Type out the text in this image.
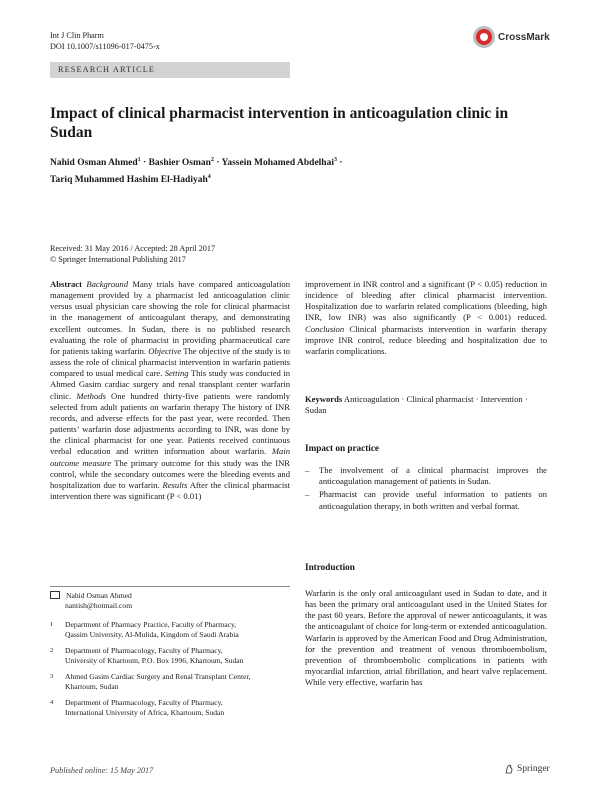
Int J Clin Pharm
DOI 10.1007/s11096-017-0475-x
CrossMark
RESEARCH ARTICLE
Impact of clinical pharmacist intervention in anticoagulation clinic in Sudan
Nahid Osman Ahmed$^1$ · Bashier Osman$^2$ · Yassein Mohamed Abdelhai$^3$ ·
Tariq Muhammed Hashim El-Hadiyah$^4$
Received: 31 May 2016 / Accepted: 28 April 2017
© Springer International Publishing 2017
Abstract Background Many trials have compared anticoagulation management provided by a pharmacist led anticoagulation clinic versus usual physician care showing the role for clinical pharmacist in the management of anticoagulant therapy, and demonstrating excellent outcomes. In Sudan, there is no published research evaluating the role of pharmacist in providing pharmaceutical care for patients taking warfarin. Objective The objective of the study is to assess the role of clinical pharmacist intervention in warfarin patients compared to usual medical care. Setting This study was conducted in Ahmed Gasim cardiac surgery and renal transplant center warfarin clinic. Methods One hundred thirty-five patients were randomly selected from adult patients on warfarin therapy The history of INR records, and adverse effects for the past year, were recorded. Then patients’ warfarin dose adjustments according to INR, was done by the clinical pharmacist for one year. Patients received continuous verbal education and written information about warfarin. Main outcome measure The primary outcome for this study was the INR control, while the secondary outcomes were the bleeding events and hospitalization due to warfarin. Results After the clinical pharmacist intervention there was significant (P < 0.01)
improvement in INR control and a significant (P < 0.05) reduction in incidence of bleeding after clinical pharmacist intervention. Hospitalization due to warfarin related complications (bleeding, high INR, low INR) was also significantly (P < 0.001) reduced. Conclusion Clinical pharmacists intervention in warfarin therapy improve INR control, reduce bleeding and hospitalization due to warfarin complications.
Keywords Anticoagulation · Clinical pharmacist · Intervention · Sudan
Impact on practice
–	The involvement of a clinical pharmacist improves the anticoagulation management of patients in Sudan.
–	Pharmacist can provide useful information to patients on anticoagulation therapy, in both written and verbal format.
Introduction
Warfarin is the only oral anticoagulant used in Sudan to date, and it has been the primary oral anticoagulant used in the United States for the past 60 years. Before the approval of newer anticoagulants, it was the anticoagulant of choice for long-term or extended anticoagulation. Warfarin is approved by the American Food and Drug Administration, for the prevention and treatment of venous thromboembolism, prevention of thromboembolic complications in patients with myocardial infarction, atrial fibrillation, and heart valve replacement. While very effective, warfarin has
Nahid Osman Ahmed
nantish@hotmail.com
1	Department of Pharmacy Practice, Faculty of Pharmacy,
Qassim University, Al-Mulida, Kingdom of Saudi Arabia
2	Department of Pharmacology, Faculty of Pharmacy,
University of Khartoum, P.O. Box 1996, Khartoum, Sudan
3	Ahmed Gasim Cardiac Surgery and Renal Transplant Center,
Khartoum, Sudan
4	Department of Pharmacology, Faculty of Pharmacy,
International University of Africa, Khartoum, Sudan
Published online: 15 May 2017	Springer
